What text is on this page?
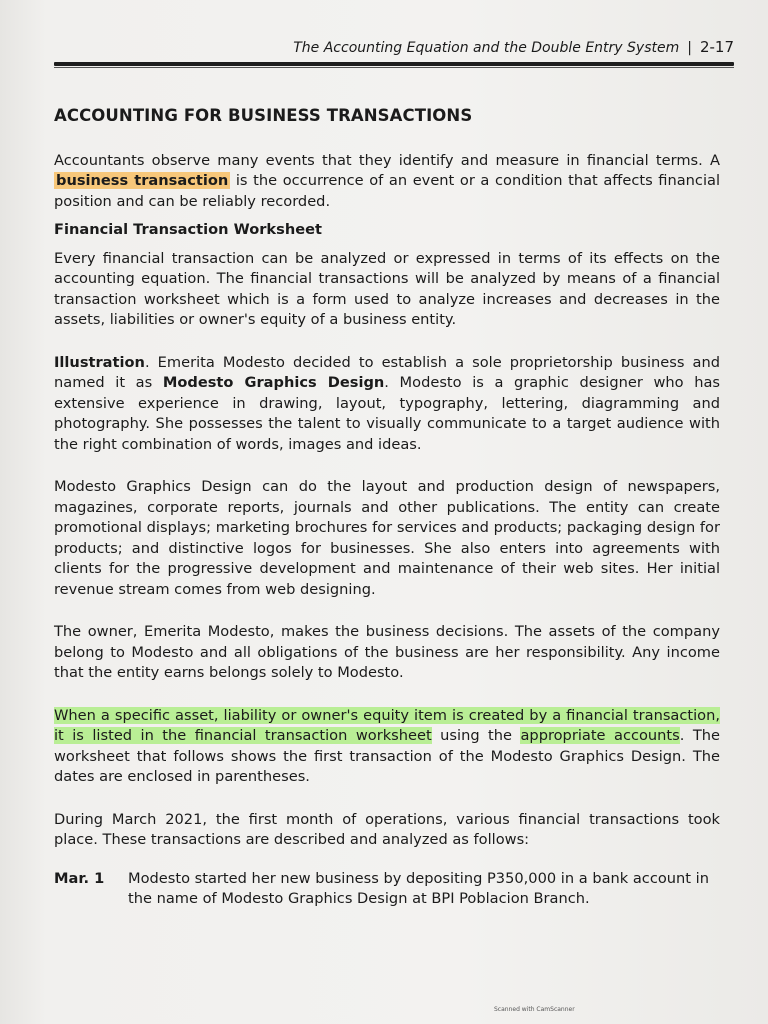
The Accounting Equation and the Double Entry System | 2-17
ACCOUNTING FOR BUSINESS TRANSACTIONS

Accountants observe many events that they identify and measure in financial terms. A business transaction is the occurrence of an event or a condition that affects financial position and can be reliably recorded.

Financial Transaction Worksheet

Every financial transaction can be analyzed or expressed in terms of its effects on the accounting equation. The financial transactions will be analyzed by means of a financial transaction worksheet which is a form used to analyze increases and decreases in the assets, liabilities or owner's equity of a business entity.

Illustration. Emerita Modesto decided to establish a sole proprietorship business and named it as Modesto Graphics Design. Modesto is a graphic designer who has extensive experience in drawing, layout, typography, lettering, diagramming and photography. She possesses the talent to visually communicate to a target audience with the right combination of words, images and ideas.

Modesto Graphics Design can do the layout and production design of newspapers, magazines, corporate reports, journals and other publications. The entity can create promotional displays; marketing brochures for services and products; packaging design for products; and distinctive logos for businesses. She also enters into agreements with clients for the progressive development and maintenance of their web sites. Her initial revenue stream comes from web designing.

The owner, Emerita Modesto, makes the business decisions. The assets of the company belong to Modesto and all obligations of the business are her responsibility. Any income that the entity earns belongs solely to Modesto.

When a specific asset, liability or owner's equity item is created by a financial transaction, it is listed in the financial transaction worksheet using the appropriate accounts. The worksheet that follows shows the first transaction of the Modesto Graphics Design. The dates are enclosed in parentheses.

During March 2021, the first month of operations, various financial transactions took place. These transactions are described and analyzed as follows:

Mar. 1	Modesto started her new business by depositing P350,000 in a bank account in the name of Modesto Graphics Design at BPI Poblacion Branch.
Scanned with CamScanner
